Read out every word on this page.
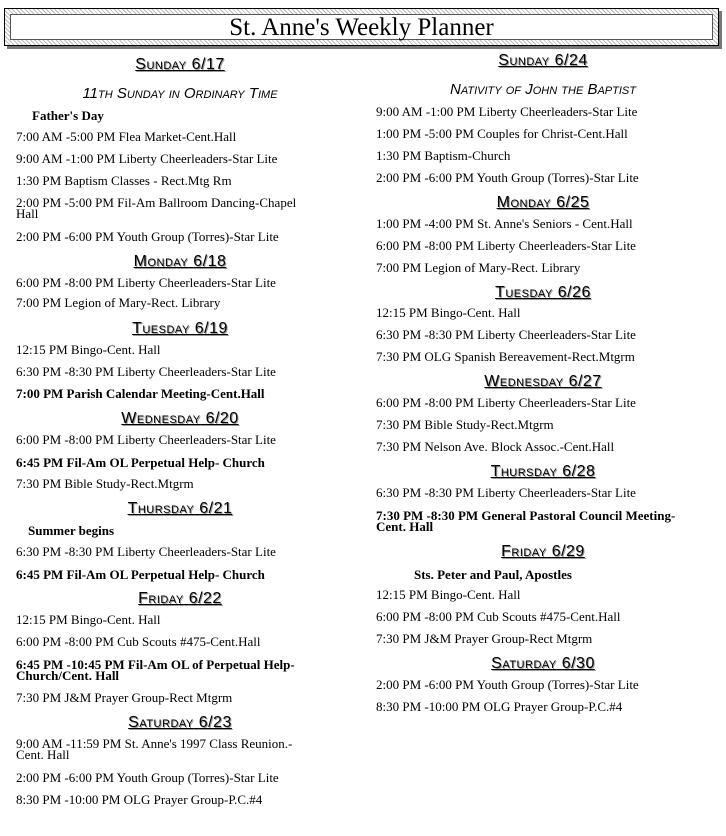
St. Anne's Weekly Planner
Sunday 6/17
11th Sunday in Ordinary Time
Father's Day
7:00 AM -5:00 PM Flea Market-Cent.Hall
9:00 AM -1:00 PM Liberty Cheerleaders-Star Lite
1:30 PM Baptism Classes - Rect.Mtg Rm
2:00 PM -5:00 PM Fil-Am Ballroom Dancing-Chapel
Hall
2:00 PM -6:00 PM Youth Group (Torres)-Star Lite
Monday 6/18
6:00 PM -8:00 PM Liberty Cheerleaders-Star Lite
7:00 PM Legion of Mary-Rect. Library
Tuesday 6/19
12:15 PM Bingo-Cent. Hall
6:30 PM -8:30 PM Liberty Cheerleaders-Star Lite
7:00 PM Parish Calendar Meeting-Cent.Hall
Wednesday 6/20
6:00 PM -8:00 PM Liberty Cheerleaders-Star Lite
6:45 PM Fil-Am OL Perpetual Help- Church
7:30 PM Bible Study-Rect.Mtgrm
Thursday 6/21
Summer begins
6:30 PM -8:30 PM Liberty Cheerleaders-Star Lite
6:45 PM Fil-Am OL Perpetual Help- Church
Friday 6/22
12:15 PM Bingo-Cent. Hall
6:00 PM -8:00 PM Cub Scouts #475-Cent.Hall
6:45 PM -10:45 PM Fil-Am OL of Perpetual Help-
Church/Cent. Hall
7:30 PM J&M Prayer Group-Rect Mtgrm
Saturday 6/23
9:00 AM -11:59 PM St. Anne's 1997 Class Reunion.-
Cent. Hall
2:00 PM -6:00 PM Youth Group (Torres)-Star Lite
8:30 PM -10:00 PM OLG Prayer Group-P.C.#4
Sunday 6/24
Nativity of John the Baptist
9:00 AM -1:00 PM Liberty Cheerleaders-Star Lite
1:00 PM -5:00 PM Couples for Christ-Cent.Hall
1:30 PM Baptism-Church
2:00 PM -6:00 PM Youth Group (Torres)-Star Lite
Monday 6/25
1:00 PM -4:00 PM St. Anne's Seniors - Cent.Hall
6:00 PM -8:00 PM Liberty Cheerleaders-Star Lite
7:00 PM Legion of Mary-Rect. Library
Tuesday 6/26
12:15 PM Bingo-Cent. Hall
6:30 PM -8:30 PM Liberty Cheerleaders-Star Lite
7:30 PM OLG Spanish Bereavement-Rect.Mtgrm
Wednesday 6/27
6:00 PM -8:00 PM Liberty Cheerleaders-Star Lite
7:30 PM Bible Study-Rect.Mtgrm
7:30 PM Nelson Ave. Block Assoc.-Cent.Hall
Thursday 6/28
6:30 PM -8:30 PM Liberty Cheerleaders-Star Lite
7:30 PM -8:30 PM General Pastoral Council Meeting-
Cent. Hall
Friday 6/29
Sts. Peter and Paul, Apostles
12:15 PM Bingo-Cent. Hall
6:00 PM -8:00 PM Cub Scouts #475-Cent.Hall
7:30 PM J&M Prayer Group-Rect Mtgrm
Saturday 6/30
2:00 PM -6:00 PM Youth Group (Torres)-Star Lite
8:30 PM -10:00 PM OLG Prayer Group-P.C.#4
